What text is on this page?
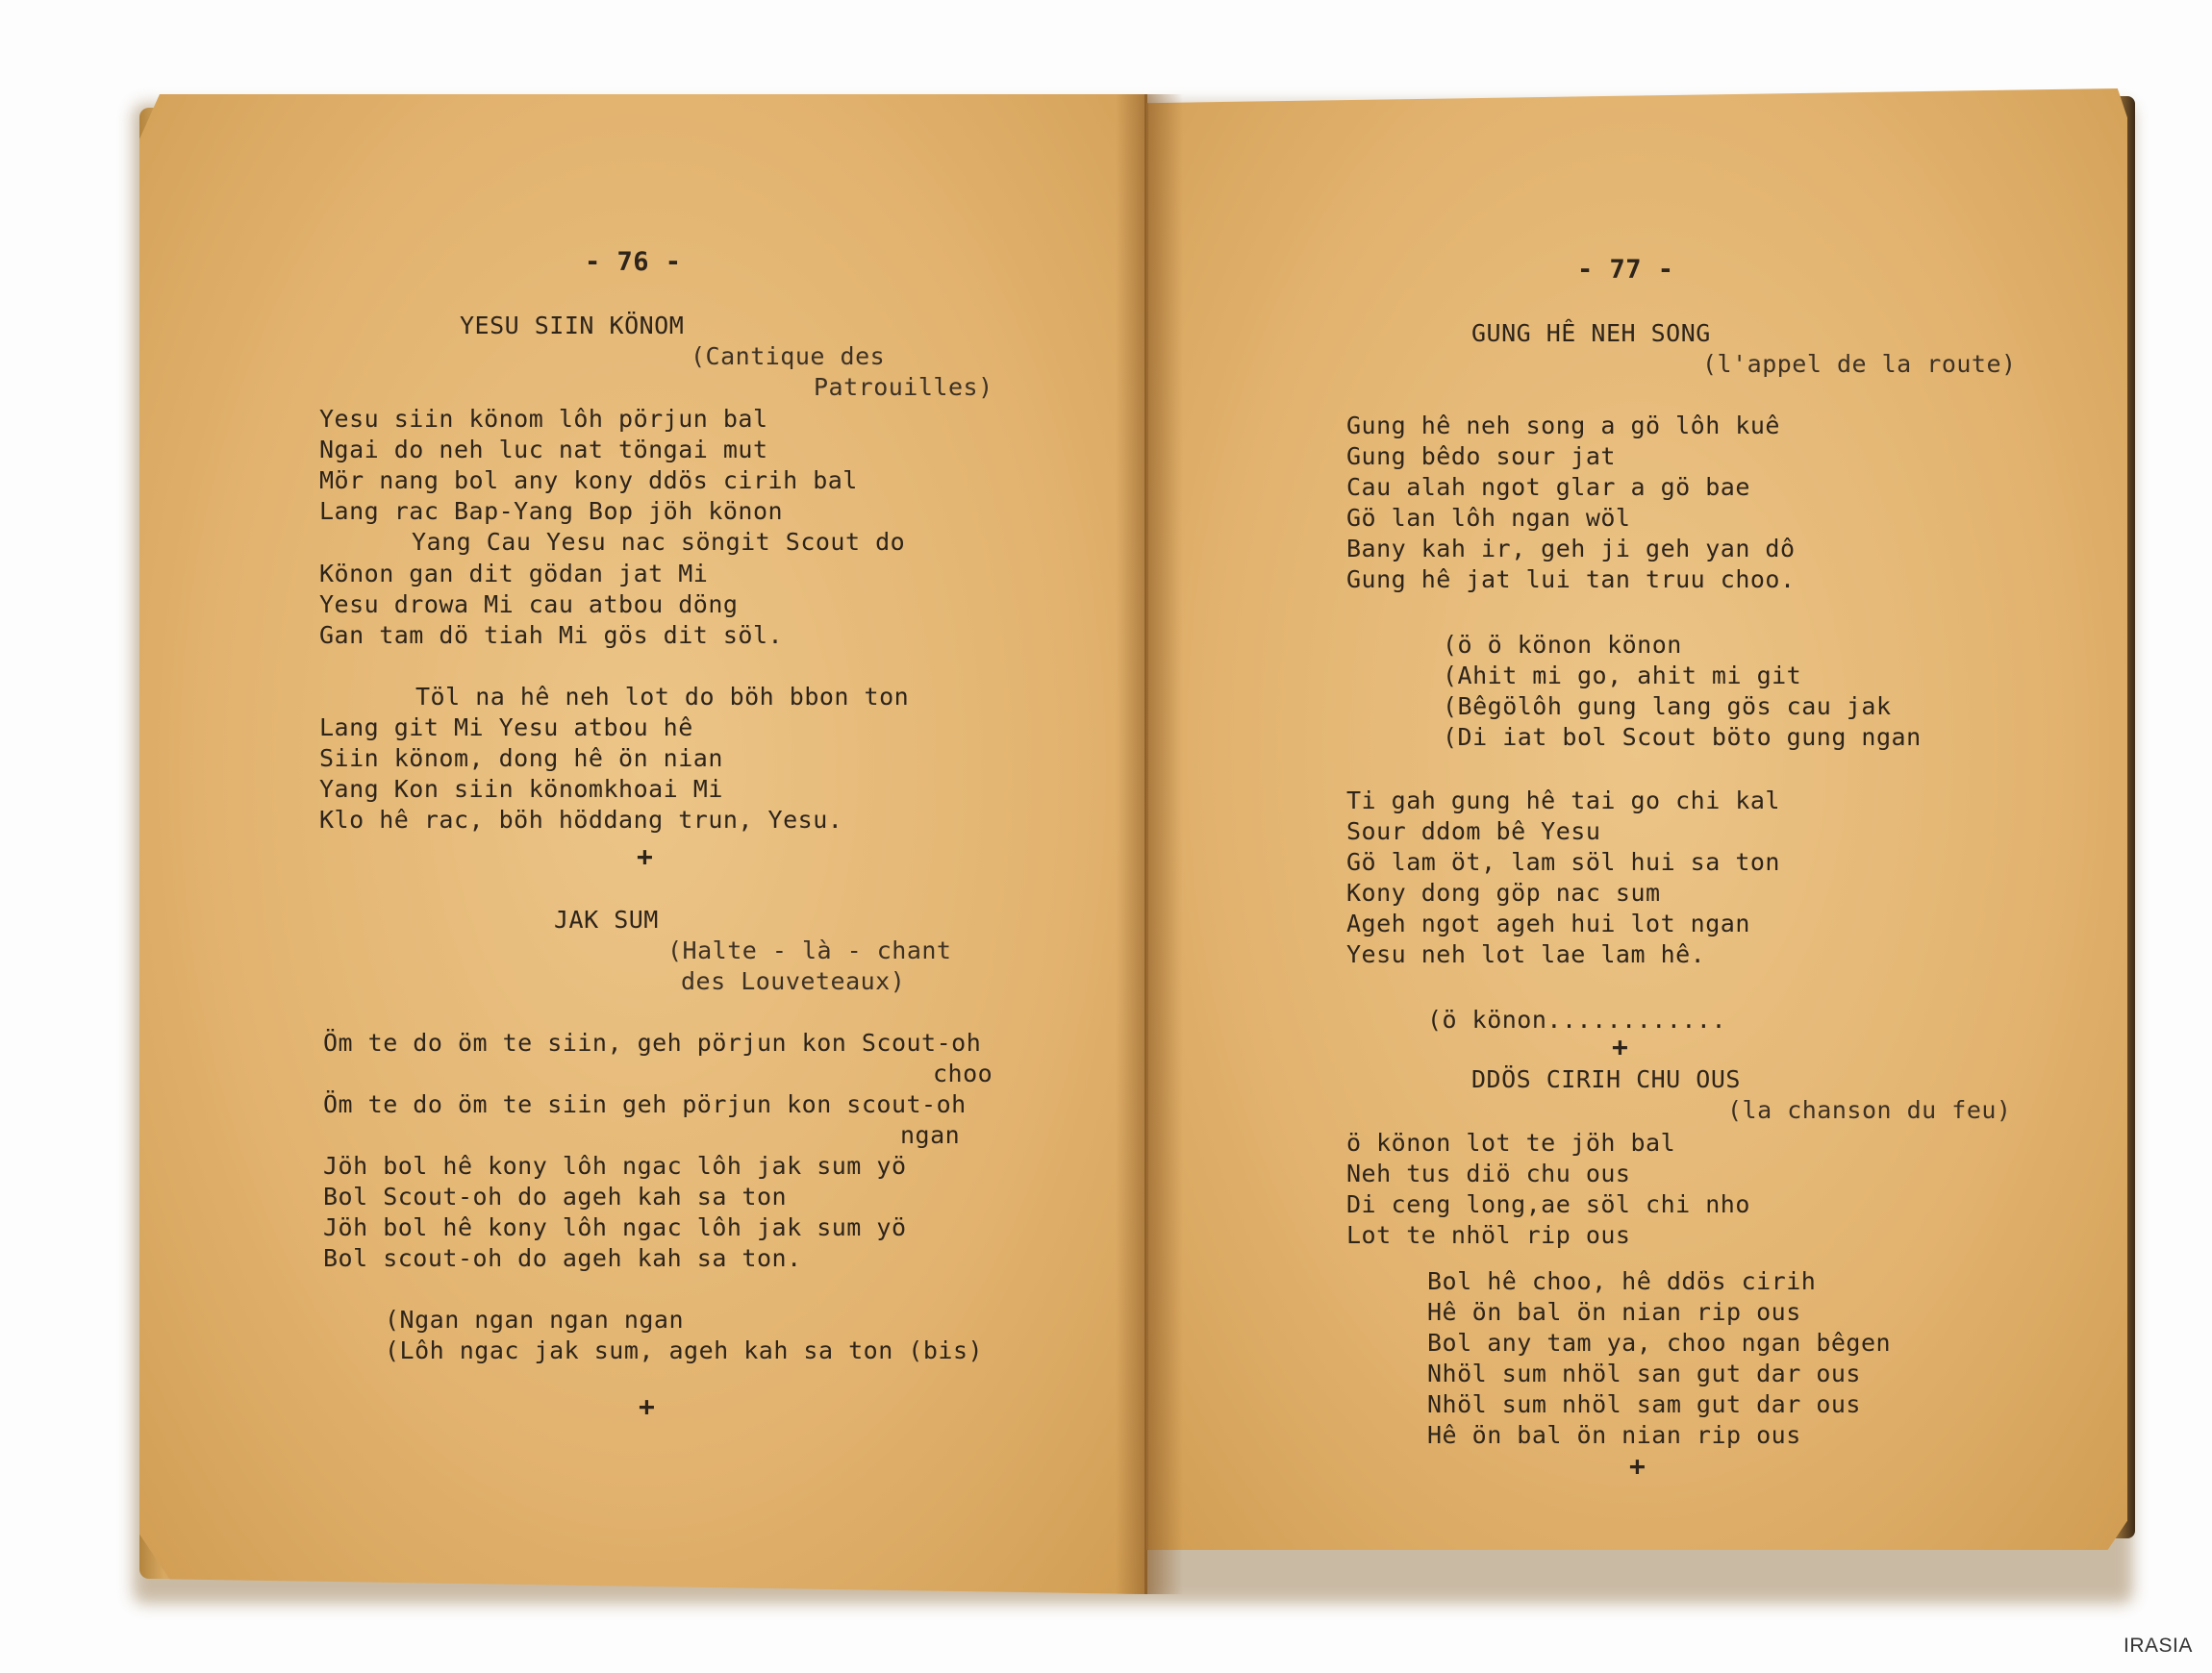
- 76 -
YESU SIIN KÖNOM
(Cantique des
Patrouilles)
Yesu siin könom lôh pörjun bal
Ngai do neh luc nat töngai mut
Mör nang bol any kony ddös cirih bal
Lang rac Bap-Yang Bop jöh könon
Yang Cau Yesu nac söngit Scout do
Könon gan dit gödan jat Mi
Yesu drowa Mi cau atbou döng
Gan tam dö tiah Mi gös dit söl.
Töl na hê neh lot do böh bbon ton
Lang git Mi Yesu atbou hê
Siin könom, dong hê ön nian
Yang Kon siin könomkhoai Mi
Klo hê rac, böh höddang trun, Yesu.
+
JAK SUM
(Halte - là - chant
des Louveteaux)
Öm te do öm te siin, geh pörjun kon Scout-oh
choo
Öm te do öm te siin geh pörjun kon scout-oh
ngan
Jöh bol hê kony lôh ngac lôh jak sum yö
Bol Scout-oh do ageh kah sa ton
Jöh bol hê kony lôh ngac lôh jak sum yö
Bol scout-oh do ageh kah sa ton.
(Ngan ngan ngan ngan
(Lôh ngac jak sum, ageh kah sa ton (bis)
+
- 77 -
GUNG HÊ NEH SONG
(l'appel de la route)
Gung hê neh song a gö lôh kuê
Gung bêdo sour jat
Cau alah ngot glar a gö bae
Gö lan lôh ngan wöl
Bany kah ir, geh ji geh yan dô
Gung hê jat lui tan truu choo.
(ö ö könon könon
(Ahit mi go, ahit mi git
(Bêgölôh gung lang gös cau jak
(Di iat bol Scout böto gung ngan
Ti gah gung hê tai go chi kal
Sour ddom bê Yesu
Gö lam öt, lam söl hui sa ton
Kony dong göp nac sum
Ageh ngot ageh hui lot ngan
Yesu neh lot lae lam hê.
(ö könon............
+
DDÖS CIRIH CHU OUS
(la chanson du feu)
ö könon lot te jöh bal
Neh tus diö chu ous
Di ceng long,ae söl chi nho
Lot te nhöl rip ous
Bol hê choo, hê ddös cirih
Hê ön bal ön nian rip ous
Bol any tam ya, choo ngan bêgen
Nhöl sum nhöl san gut dar ous
Nhöl sum nhöl sam gut dar ous
Hê ön bal ön nian rip ous
+
IRASIA
